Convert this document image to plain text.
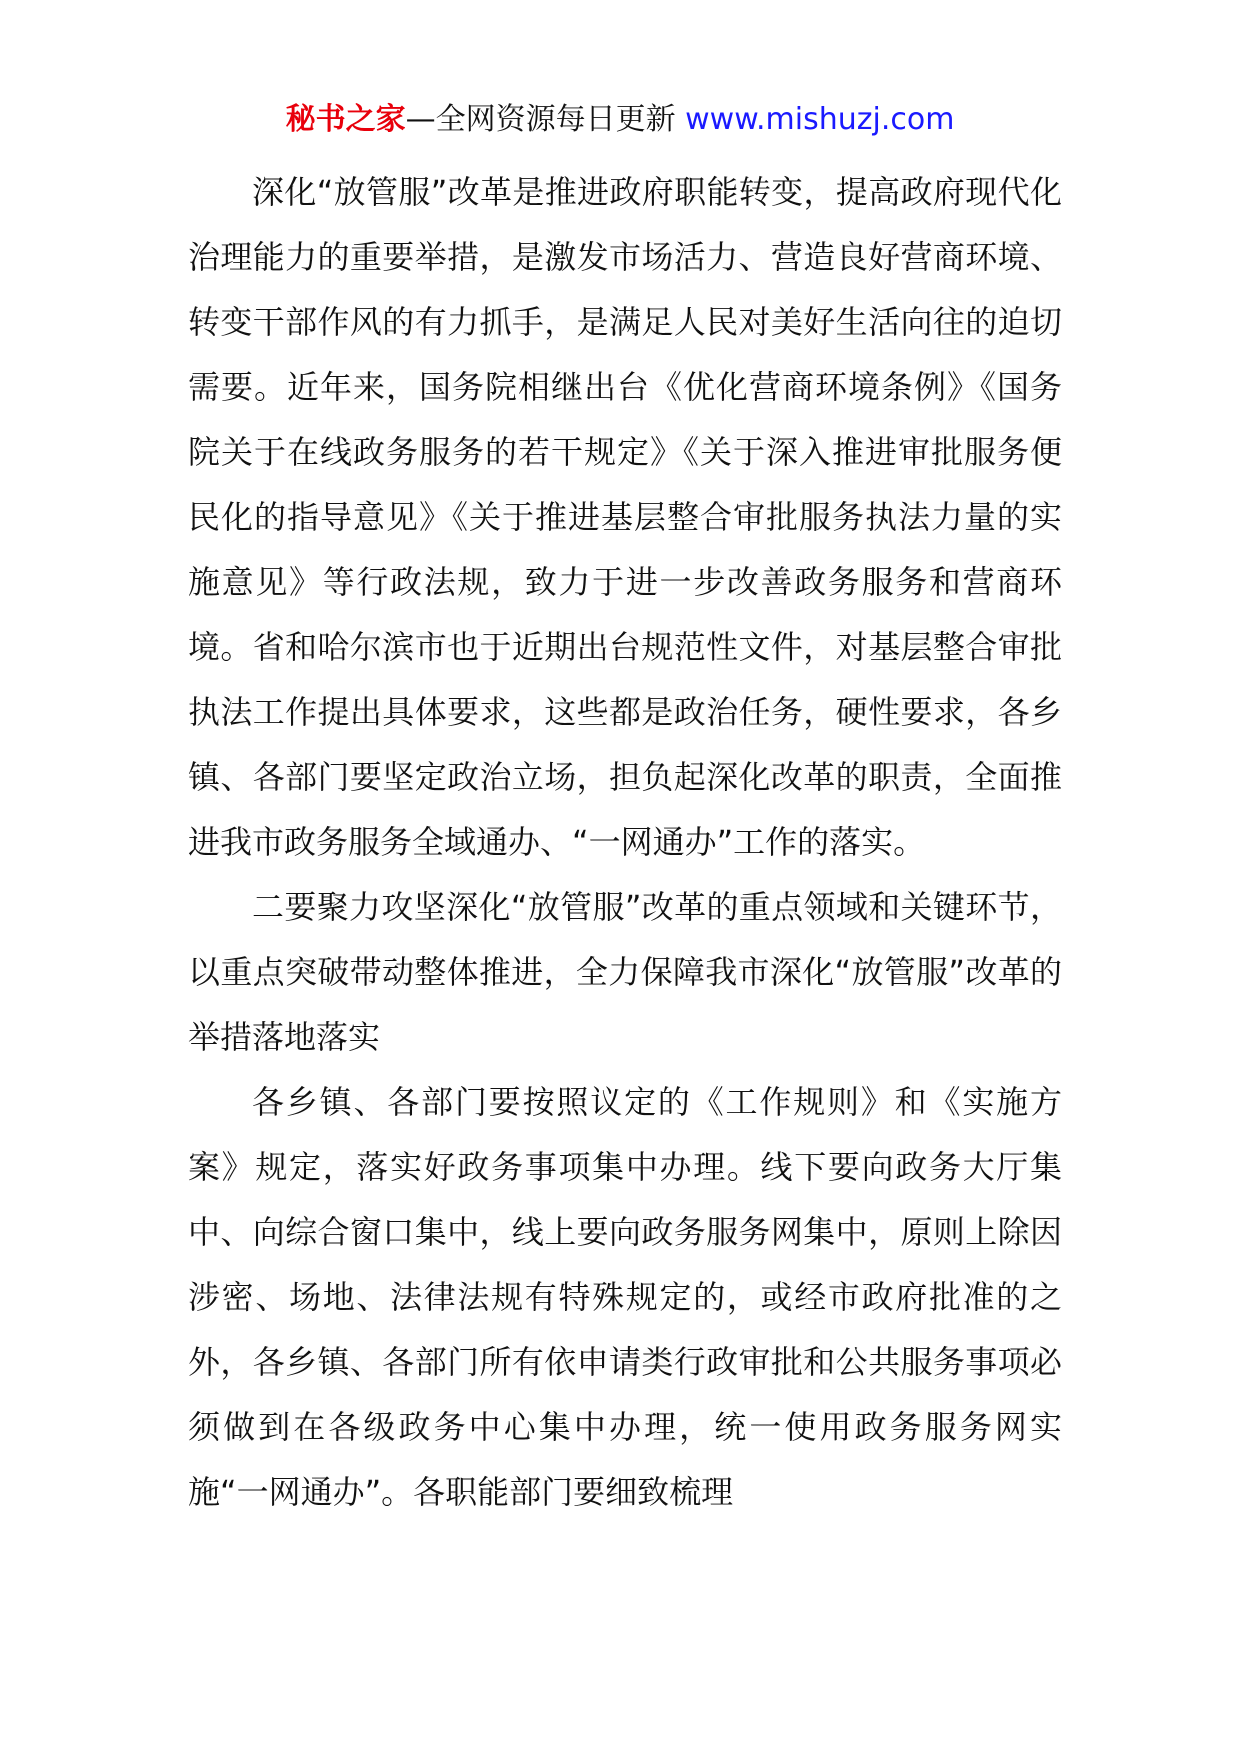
秘书之家—全网资源每日更新 www.mishuzj.com

深化“放管服”改革是推进政府职能转变，提高政府现代化治理能力的重要举措，是激发市场活力、营造良好营商环境、转变干部作风的有力抓手，是满足人民对美好生活向往的迫切需要。近年来，国务院相继出台《优化营商环境条例》《国务院关于在线政务服务的若干规定》《关于深入推进审批服务便民化的指导意见》《关于推进基层整合审批服务执法力量的实施意见》等行政法规，致力于进一步改善政务服务和营商环境。省和哈尔滨市也于近期出台规范性文件，对基层整合审批执法工作提出具体要求，这些都是政治任务，硬性要求，各乡镇、各部门要坚定政治立场，担负起深化改革的职责，全面推进我市政务服务全域通办、“一网通办”工作的落实。

二要聚力攻坚深化“放管服”改革的重点领域和关键环节，以重点突破带动整体推进，全力保障我市深化“放管服”改革的举措落地落实

各乡镇、各部门要按照议定的《工作规则》和《实施方案》规定，落实好政务事项集中办理。线下要向政务大厅集中、向综合窗口集中，线上要向政务服务网集中，原则上除因涉密、场地、法律法规有特殊规定的，或经市政府批准的之外，各乡镇、各部门所有依申请类行政审批和公共服务事项必须做到在各级政务中心集中办理，统一使用政务服务网实施“一网通办”。各职能部门要细致梳理
